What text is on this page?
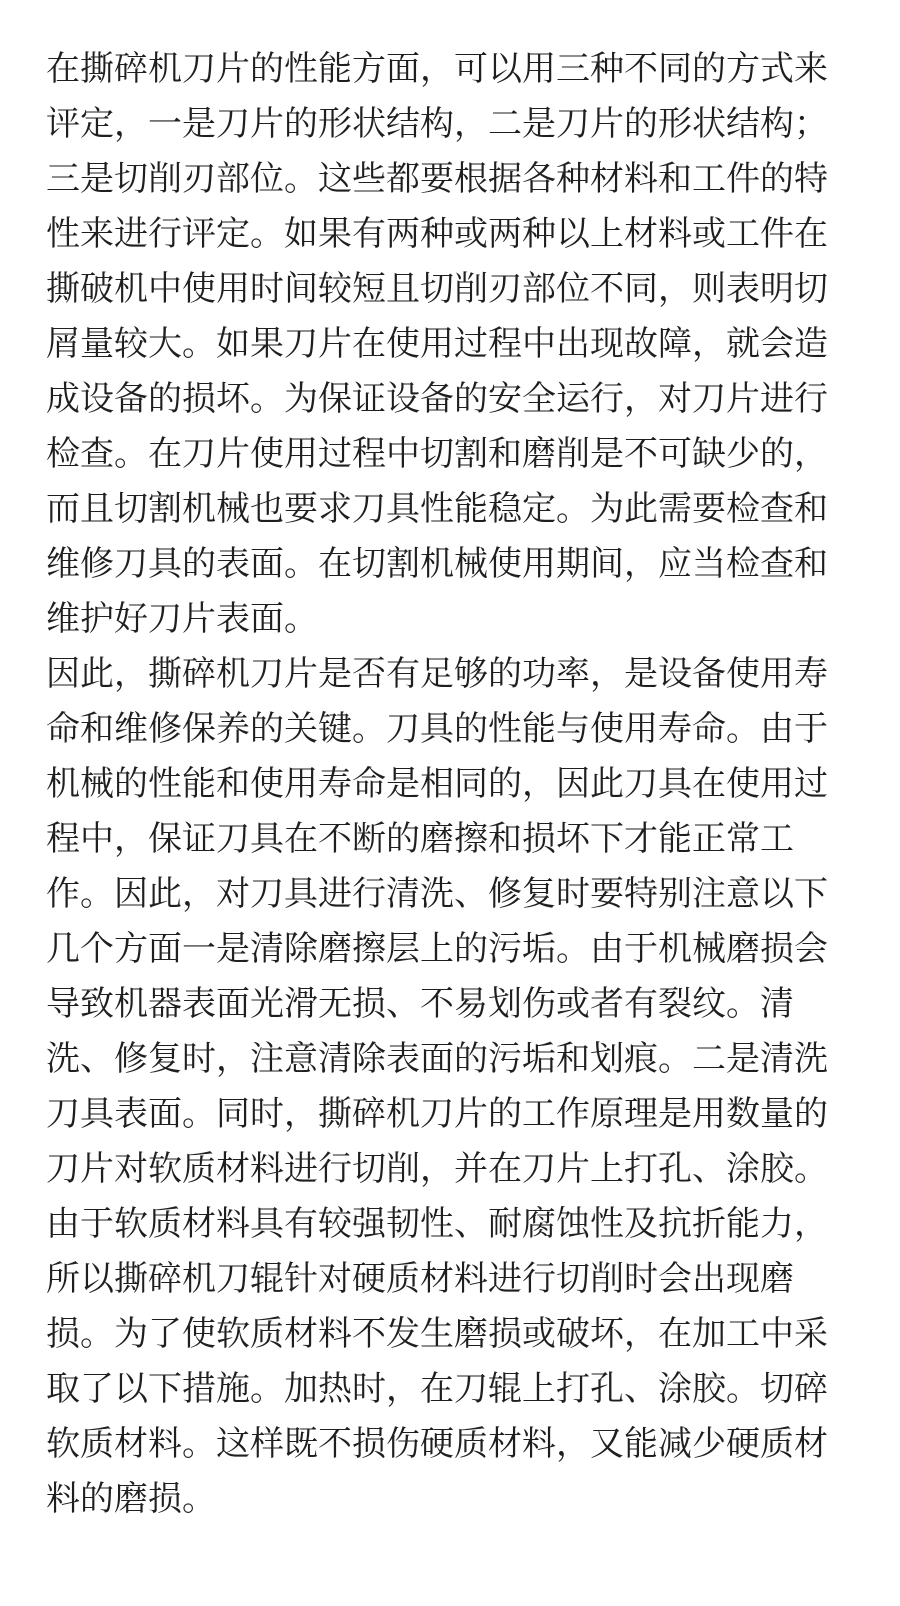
在撕碎机刀片的性能方面，可以用三种不同的方式来
评定，一是刀片的形状结构，二是刀片的形状结构；
三是切削刃部位。这些都要根据各种材料和工件的特
性来进行评定。如果有两种或两种以上材料或工件在
撕破机中使用时间较短且切削刃部位不同，则表明切
屑量较大。如果刀片在使用过程中出现故障，就会造
成设备的损坏。为保证设备的安全运行，对刀片进行
检查。在刀片使用过程中切割和磨削是不可缺少的，
而且切割机械也要求刀具性能稳定。为此需要检查和
维修刀具的表面。在切割机械使用期间，应当检查和
维护好刀片表面。
因此，撕碎机刀片是否有足够的功率，是设备使用寿
命和维修保养的关键。刀具的性能与使用寿命。由于
机械的性能和使用寿命是相同的，因此刀具在使用过
程中，保证刀具在不断的磨擦和损坏下才能正常工
作。因此，对刀具进行清洗、修复时要特别注意以下
几个方面一是清除磨擦层上的污垢。由于机械磨损会
导致机器表面光滑无损、不易划伤或者有裂纹。清
洗、修复时，注意清除表面的污垢和划痕。二是清洗
刀具表面。同时，撕碎机刀片的工作原理是用数量的
刀片对软质材料进行切削，并在刀片上打孔、涂胶。
由于软质材料具有较强韧性、耐腐蚀性及抗折能力，
所以撕碎机刀辊针对硬质材料进行切削时会出现磨
损。为了使软质材料不发生磨损或破坏，在加工中采
取了以下措施。加热时，在刀辊上打孔、涂胶。切碎
软质材料。这样既不损伤硬质材料，又能减少硬质材
料的磨损。
